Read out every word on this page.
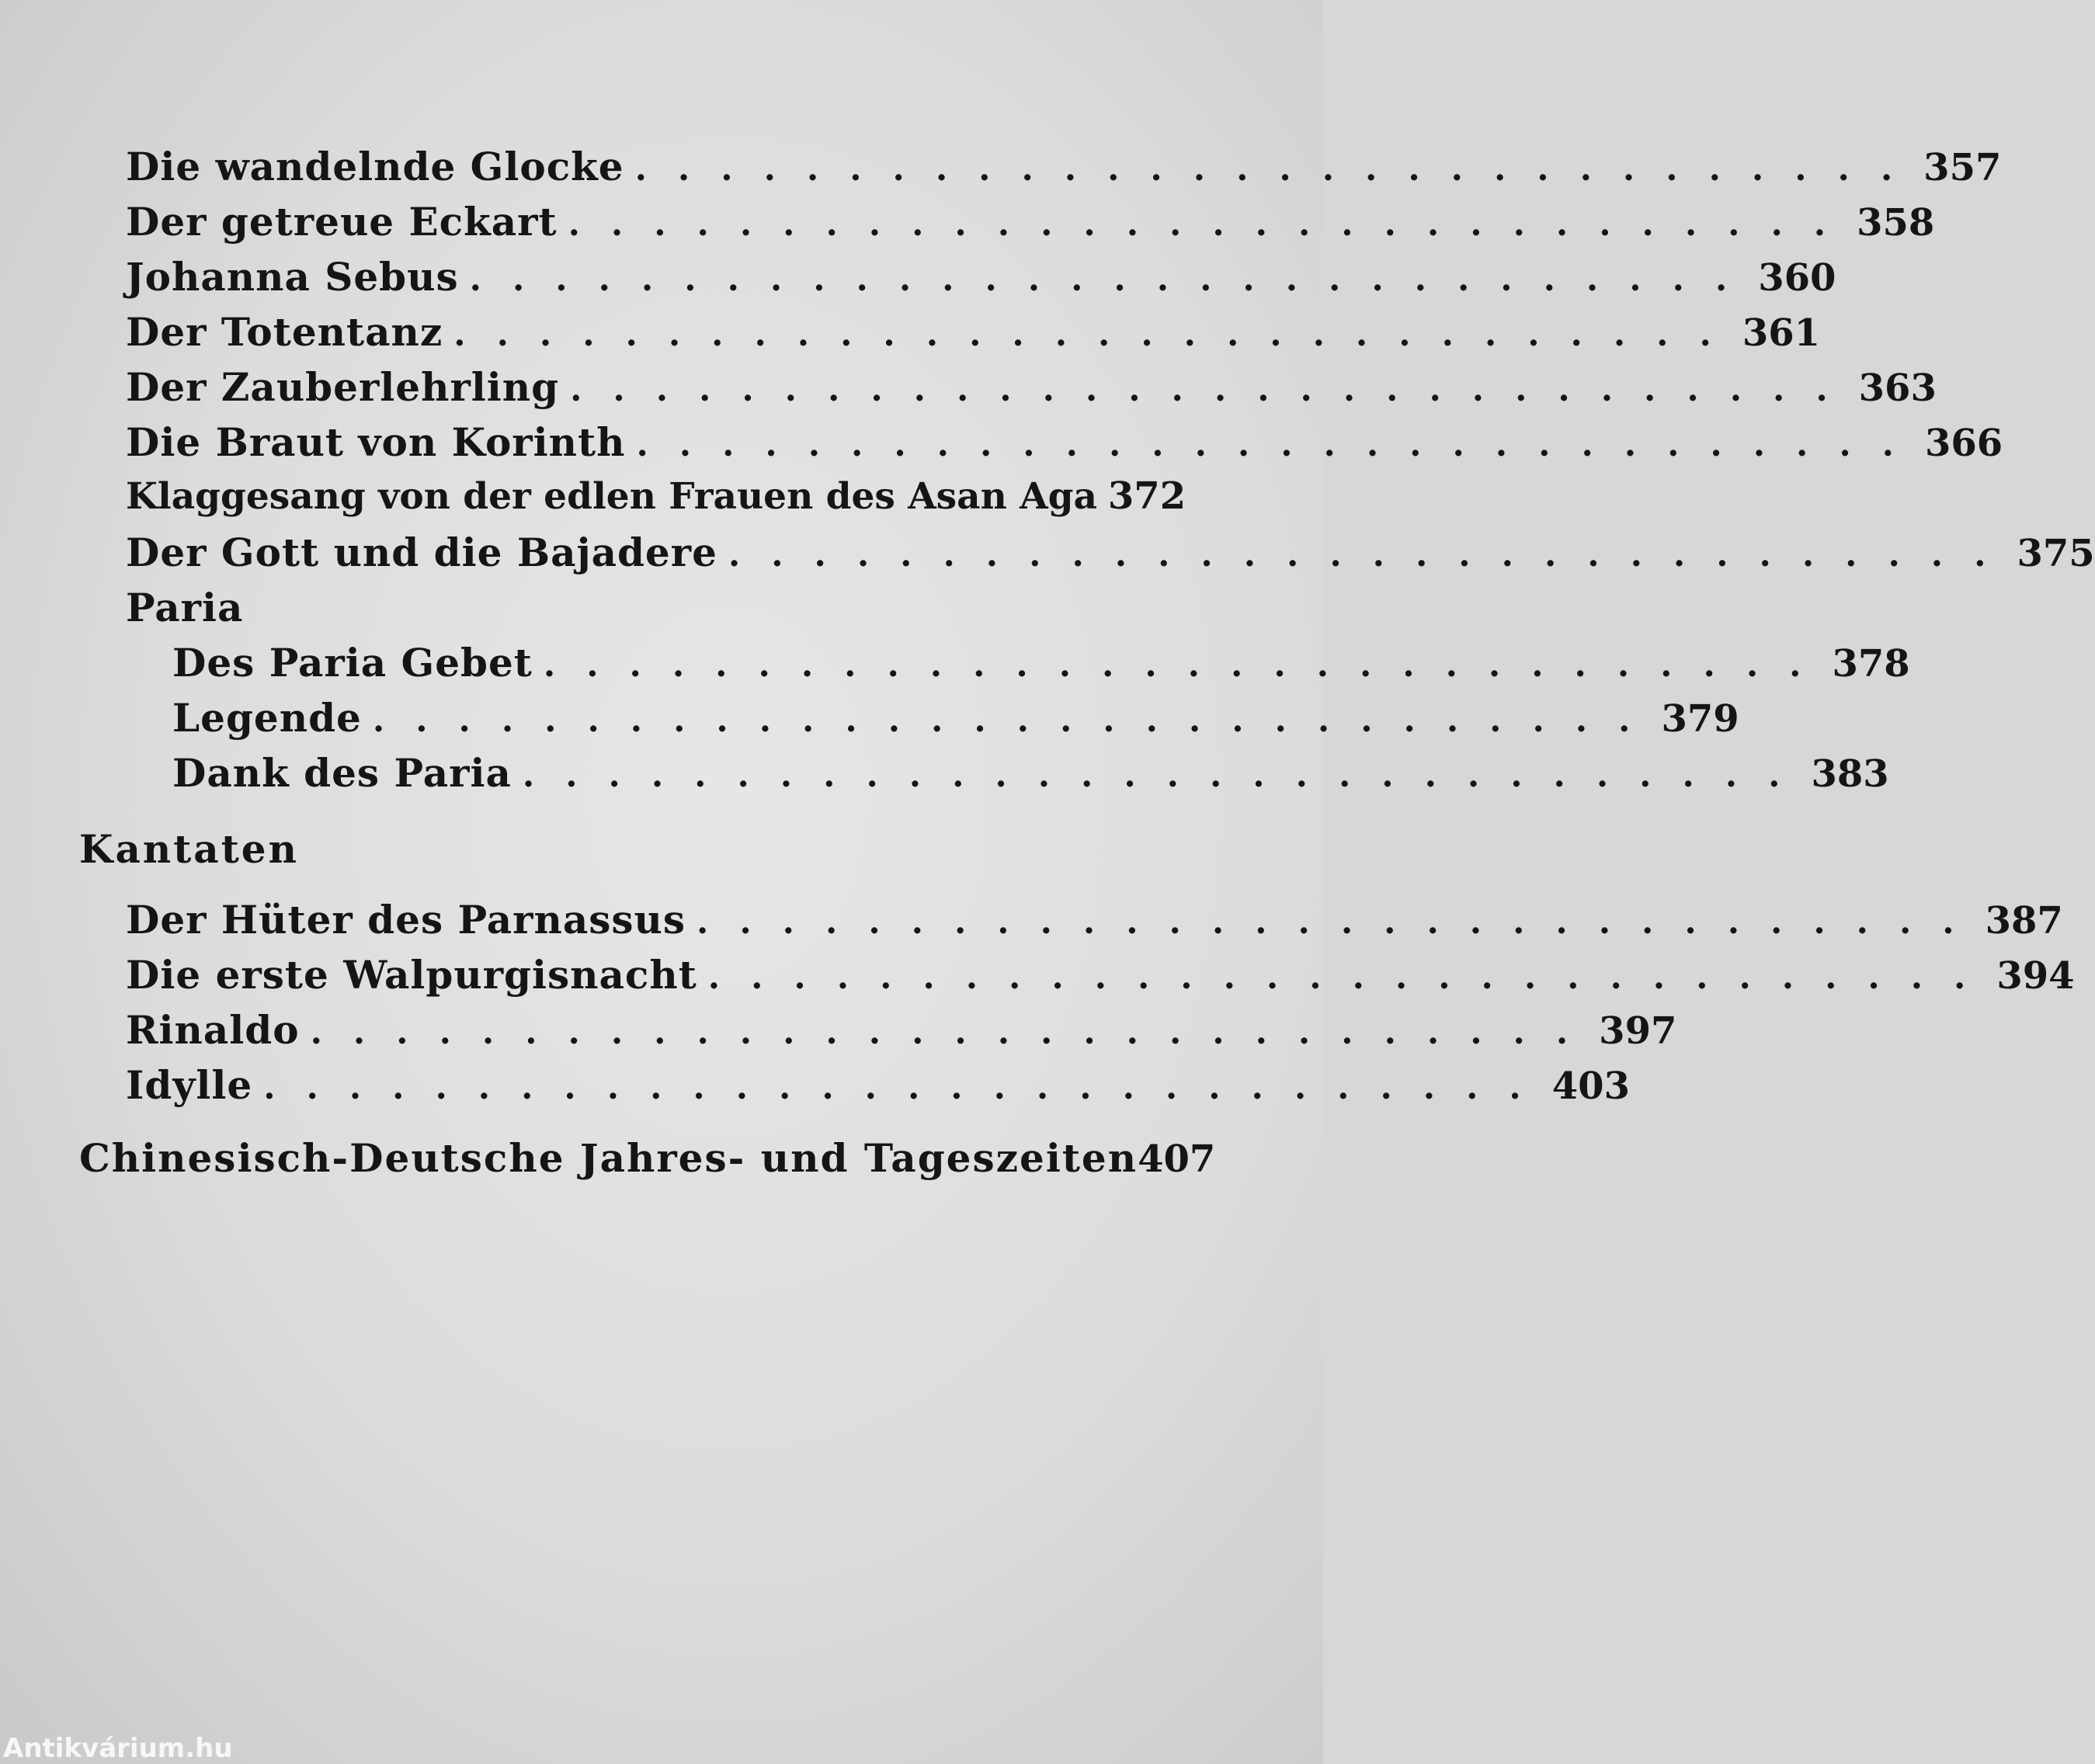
Die wandelnde Glocke .............................. 357
Der getreue Eckart .............................. 358
Johanna Sebus .............................. 360
Der Totentanz .............................. 361
Der Zauberlehrling .............................. 363
Die Braut von Korinth .............................. 366
Klaggesang von der edlen Frauen des Asan Aga 372
Der Gott und die Bajadere .............................. 375
Paria
Des Paria Gebet .............................. 378
Legende .............................. 379
Dank des Paria .............................. 383
Kantaten
Der Hüter des Parnassus .............................. 387
Die erste Walpurgisnacht .............................. 394
Rinaldo .............................. 397
Idylle .............................. 403
Chinesisch-Deutsche Jahres- und Tageszeiten 407
Antikvárium.hu
